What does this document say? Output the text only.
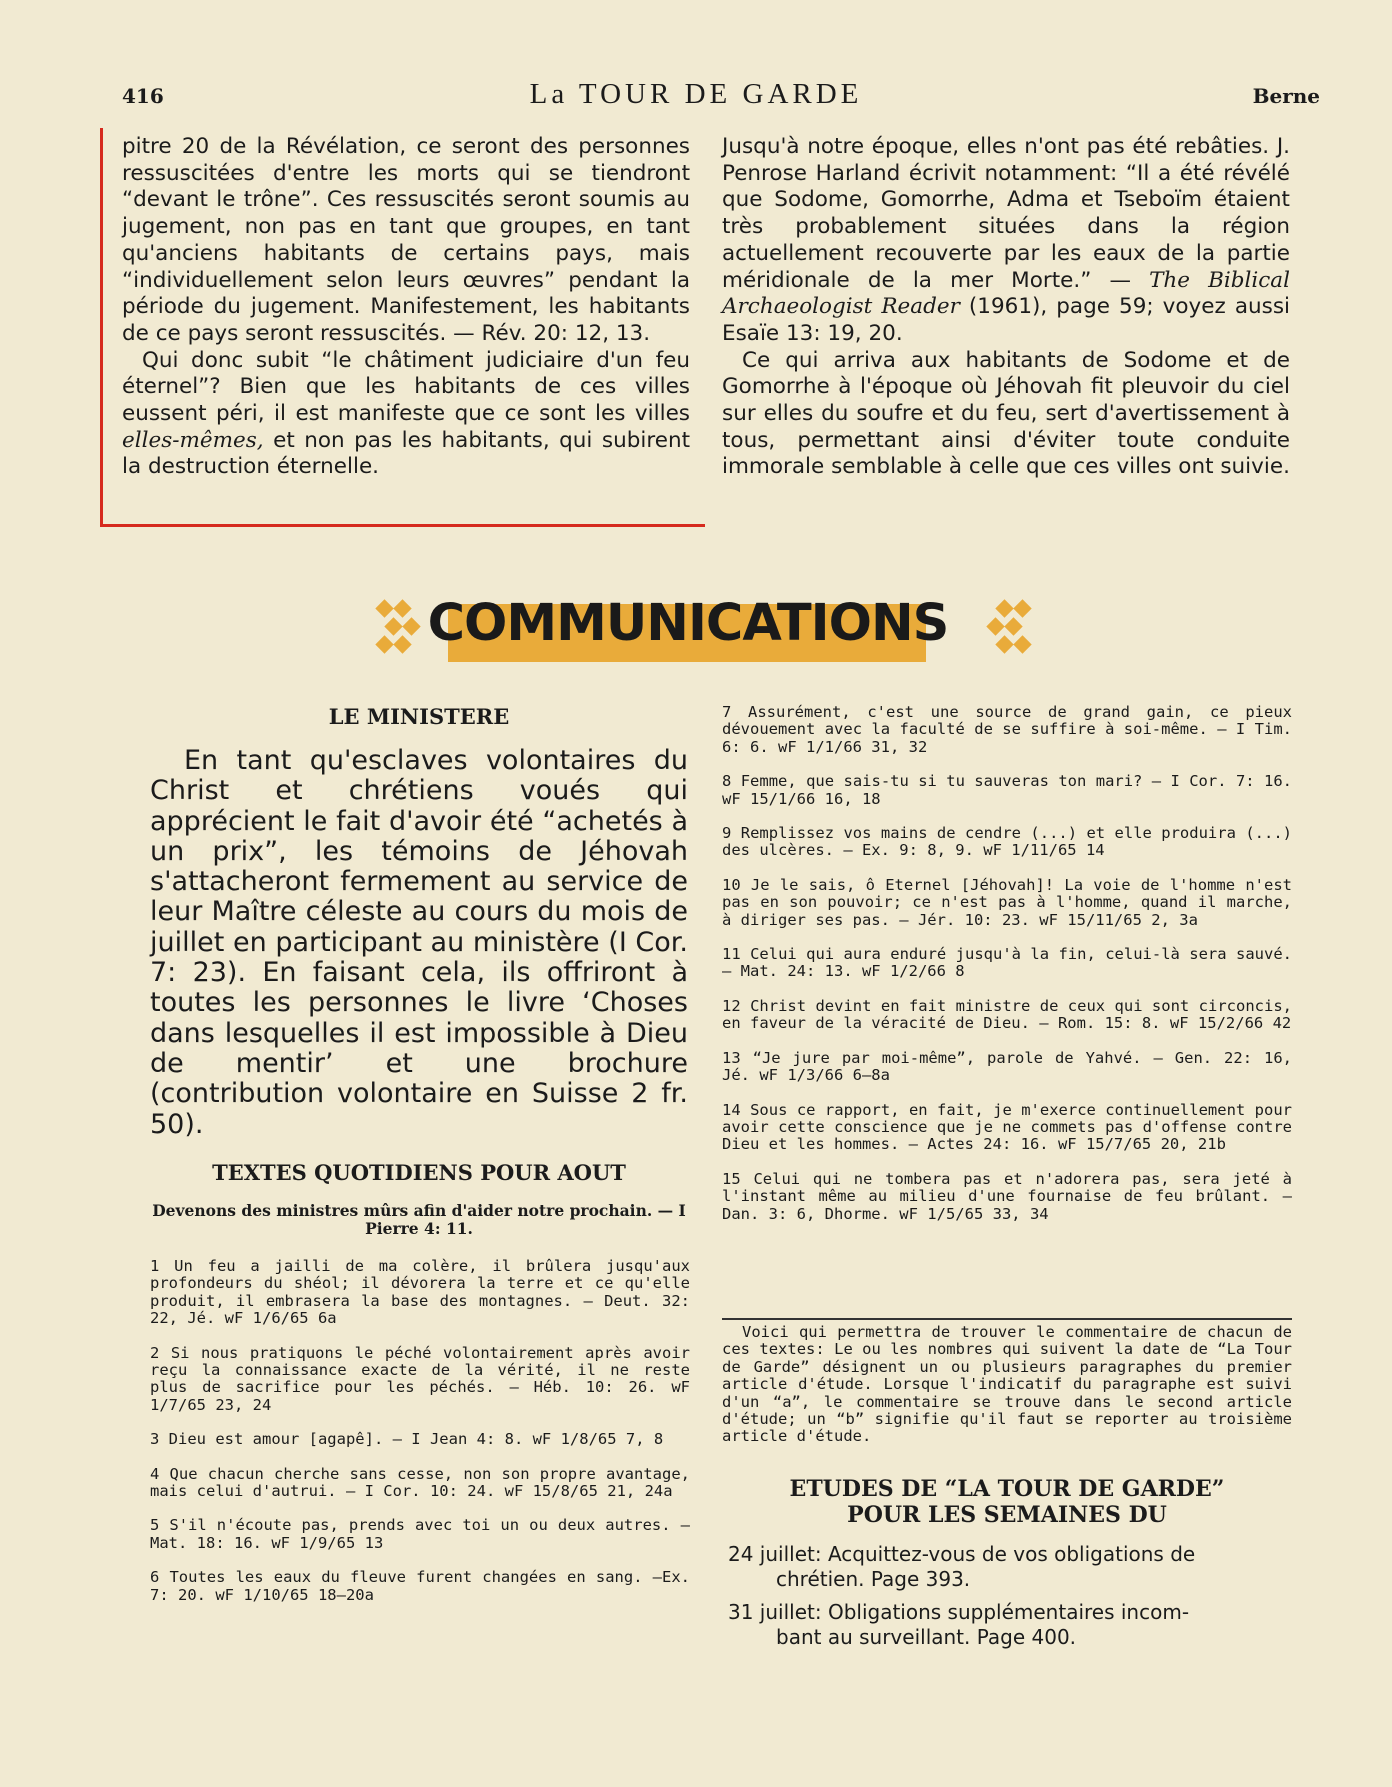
416	La TOUR DE GARDE	Berne

pitre 20 de la Révélation, ce seront des personnes ressuscitées d'entre les morts qui se tiendront “devant le trône”. Ces ressuscités seront soumis au jugement, non pas en tant que groupes, en tant qu'anciens habitants de certains pays, mais “individuellement selon leurs œuvres” pendant la période du jugement. Manifestement, les habitants de ce pays seront ressuscités. — Rév. 20: 12, 13.

Qui donc subit “le châtiment judiciaire d'un feu éternel”? Bien que les habitants de ces villes eussent péri, il est manifeste que ce sont les villes elles-mêmes, et non pas les habitants, qui subirent la destruction éternelle.

Jusqu'à notre époque, elles n'ont pas été rebâties. J. Penrose Harland écrivit notamment: “Il a été révélé que Sodome, Gomorrhe, Adma et Tseboïm étaient très probablement situées dans la région actuellement recouverte par les eaux de la partie méridionale de la mer Morte.” — The Biblical Archaeologist Reader (1961), page 59; voyez aussi Esaïe 13: 19, 20.

Ce qui arriva aux habitants de Sodome et de Gomorrhe à l'époque où Jéhovah fit pleuvoir du ciel sur elles du soufre et du feu, sert d'avertissement à tous, permettant ainsi d'éviter toute conduite immorale semblable à celle que ces villes ont suivie.

COMMUNICATIONS
LE MINISTERE

En tant qu'esclaves volontaires du Christ et chrétiens voués qui apprécient le fait d'avoir été “achetés à un prix”, les témoins de Jéhovah s'attacheront fermement au service de leur Maître céleste au cours du mois de juillet en participant au ministère (I Cor. 7: 23). En faisant cela, ils offriront à toutes les personnes le livre ‘Choses dans lesquelles il est impossible à Dieu de mentir’ et une brochure (contribution volontaire en Suisse 2 fr. 50).

TEXTES QUOTIDIENS POUR AOUT
Devenons des ministres mûrs afin d'aider notre prochain. — I Pierre 4: 11.

1 Un feu a jailli de ma colère, il brûlera jusqu'aux profondeurs du shéol; il dévorera la terre et ce qu'elle produit, il embrasera la base des montagnes. — Deut. 32: 22, Jé. wF 1/6/65 6a

2 Si nous pratiquons le péché volontairement après avoir reçu la connaissance exacte de la vérité, il ne reste plus de sacrifice pour les péchés. — Héb. 10: 26. wF 1/7/65 23, 24

3 Dieu est amour [agapê]. — I Jean 4: 8. wF 1/8/65 7, 8

4 Que chacun cherche sans cesse, non son propre avantage, mais celui d'autrui. — I Cor. 10: 24. wF 15/8/65 21, 24a

5 S'il n'écoute pas, prends avec toi un ou deux autres. — Mat. 18: 16. wF 1/9/65 13

6 Toutes les eaux du fleuve furent changées en sang. —Ex. 7: 20. wF 1/10/65 18–20a

7 Assurément, c'est une source de grand gain, ce pieux dévouement avec la faculté de se suffire à soi-même. — I Tim. 6: 6. wF 1/1/66 31, 32

8 Femme, que sais-tu si tu sauveras ton mari? — I Cor. 7: 16. wF 15/1/66 16, 18

9 Remplissez vos mains de cendre (...) et elle produira (...) des ulcères. — Ex. 9: 8, 9. wF 1/11/65 14

10 Je le sais, ô Eternel [Jéhovah]! La voie de l'homme n'est pas en son pouvoir; ce n'est pas à l'homme, quand il marche, à diriger ses pas. — Jér. 10: 23. wF 15/11/65 2, 3a

11 Celui qui aura enduré jusqu'à la fin, celui-là sera sauvé. — Mat. 24: 13. wF 1/2/66 8

12 Christ devint en fait ministre de ceux qui sont circoncis, en faveur de la véracité de Dieu. — Rom. 15: 8. wF 15/2/66 42

13 “Je jure par moi-même”, parole de Yahvé. — Gen. 22: 16, Jé. wF 1/3/66 6–8a

14 Sous ce rapport, en fait, je m'exerce continuellement pour avoir cette conscience que je ne commets pas d'offense contre Dieu et les hommes. — Actes 24: 16. wF 15/7/65 20, 21b

15 Celui qui ne tombera pas et n'adorera pas, sera jeté à l'instant même au milieu d'une fournaise de feu brûlant. — Dan. 3: 6, Dhorme. wF 1/5/65 33, 34

Voici qui permettra de trouver le commentaire de chacun de ces textes: Le ou les nombres qui suivent la date de “La Tour de Garde” désignent un ou plusieurs paragraphes du premier article d'étude. Lorsque l'indicatif du paragraphe est suivi d'un “a”, le commentaire se trouve dans le second article d'étude; un “b” signifie qu'il faut se reporter au troisième article d'étude.

ETUDES DE “LA TOUR DE GARDE”
POUR LES SEMAINES DU
24 juillet: Acquittez-vous de vos obligations de
chrétien. Page 393.
31 juillet: Obligations supplémentaires incom-
bant au surveillant. Page 400.
